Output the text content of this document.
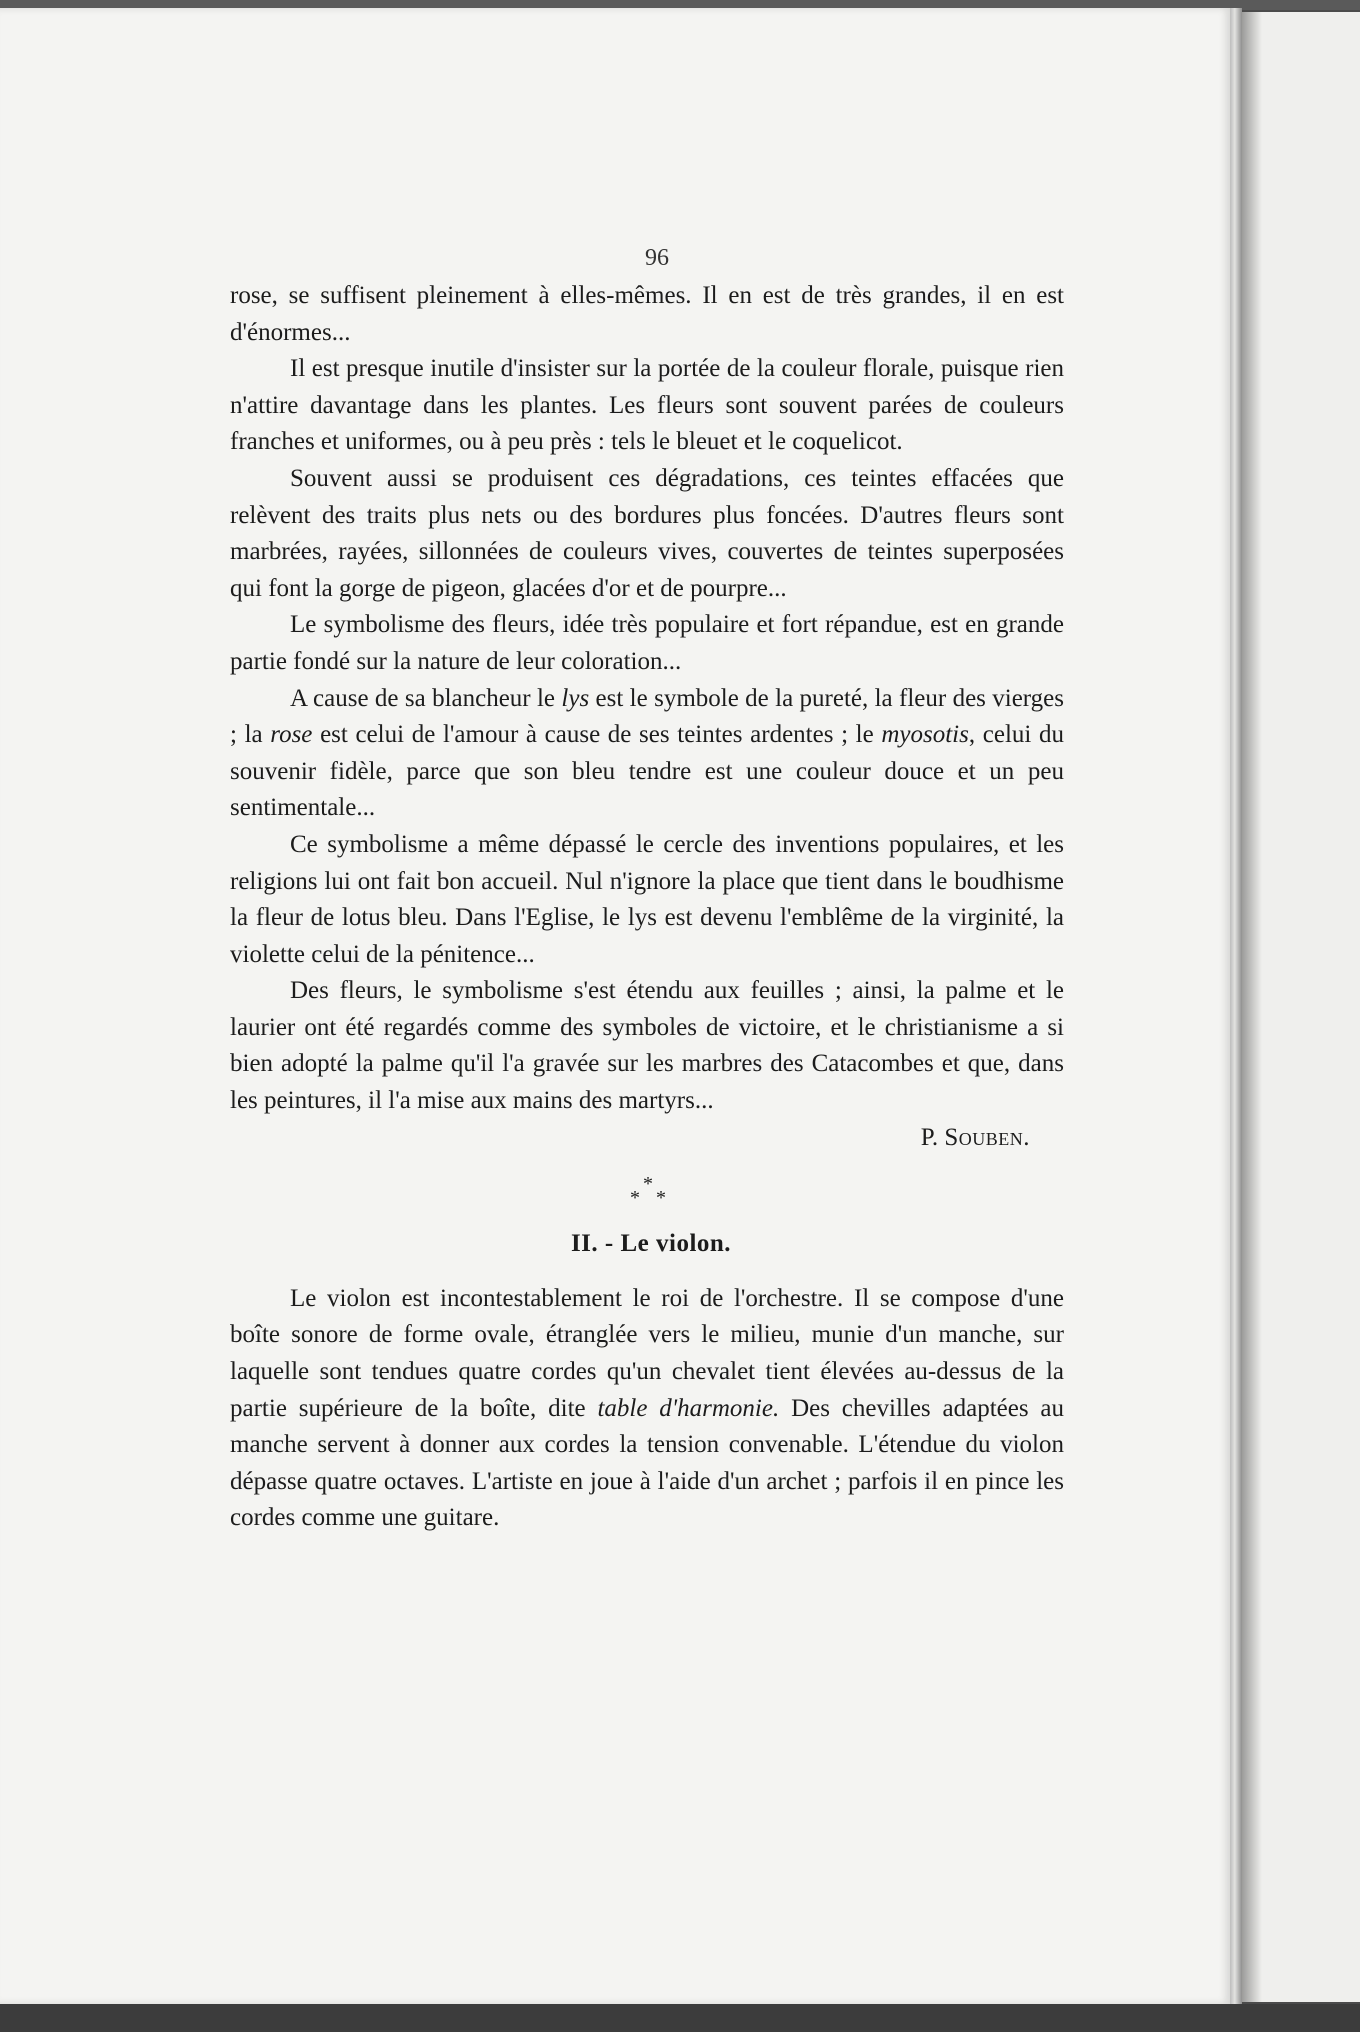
96

rose, se suffisent pleinement à elles-mêmes. Il en est de très grandes, il en est d'énormes...

Il est presque inutile d'insister sur la portée de la couleur florale, puisque rien n'attire davantage dans les plantes. Les fleurs sont souvent parées de couleurs franches et uniformes, ou à peu près : tels le bleuet et le coquelicot.

Souvent aussi se produisent ces dégradations, ces teintes effacées que relèvent des traits plus nets ou des bordures plus foncées. D'autres fleurs sont marbrées, rayées, sillonnées de couleurs vives, couvertes de teintes superposées qui font la gorge de pigeon, glacées d'or et de pourpre...

Le symbolisme des fleurs, idée très populaire et fort répandue, est en grande partie fondé sur la nature de leur coloration...

A cause de sa blancheur le lys est le symbole de la pureté, la fleur des vierges ; la rose est celui de l'amour à cause de ses teintes ardentes ; le myosotis, celui du souvenir fidèle, parce que son bleu tendre est une couleur douce et un peu sentimentale...

Ce symbolisme a même dépassé le cercle des inventions populaires, et les religions lui ont fait bon accueil. Nul n'ignore la place que tient dans le boudhisme la fleur de lotus bleu. Dans l'Eglise, le lys est devenu l'emblême de la virginité, la violette celui de la pénitence...

Des fleurs, le symbolisme s'est étendu aux feuilles ; ainsi, la palme et le laurier ont été regardés comme des symboles de victoire, et le christianisme a si bien adopté la palme qu'il l'a gravée sur les marbres des Catacombes et que, dans les peintures, il l'a mise aux mains des martyrs...

P. Souben.

*
* *
II. - Le violon.

Le violon est incontestablement le roi de l'orchestre. Il se compose d'une boîte sonore de forme ovale, étranglée vers le milieu, munie d'un manche, sur laquelle sont tendues quatre cordes qu'un chevalet tient élevées au-dessus de la partie supérieure de la boîte, dite table d'harmonie. Des chevilles adaptées au manche servent à donner aux cordes la tension convenable. L'étendue du violon dépasse quatre octaves. L'artiste en joue à l'aide d'un archet ; parfois il en pince les cordes comme une guitare.
